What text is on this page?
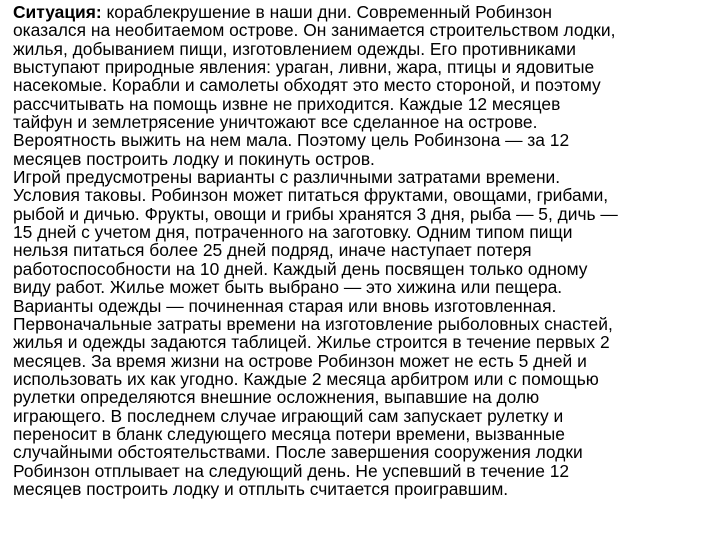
Ситуация: кораблекрушение в наши дни. Современный Робинзон
оказался на необитаемом острове. Он занимается строительством лодки,
жилья, добыванием пищи, изготовлением одежды. Его противниками
выступают природные явления: ураган, ливни, жара, птицы и ядовитые
насекомые. Корабли и самолеты обходят это место стороной, и поэтому
рассчитывать на помощь извне не приходится. Каждые 12 месяцев
тайфун и землетрясение уничтожают все сделанное на острове.
Вероятность выжить на нем мала. Поэтому цель Робинзона — за 12
месяцев построить лодку и покинуть остров.
Игрой предусмотрены варианты с различными затратами времени.
Условия таковы. Робинзон может питаться фруктами, овощами, грибами,
рыбой и дичью. Фрукты, овощи и грибы хранятся 3 дня, рыба — 5, дичь —
15 дней с учетом дня, потраченного на заготовку. Одним типом пищи
нельзя питаться более 25 дней подряд, иначе наступает потеря
работоспособности на 10 дней. Каждый день посвящен только одному
виду работ. Жилье может быть выбрано — это хижина или пещера.
Варианты одежды — починенная старая или вновь изготовленная.
Первоначальные затраты времени на изготовление рыболовных снастей,
жилья и одежды задаются таблицей. Жилье строится в течение первых 2
месяцев. За время жизни на острове Робинзон может не есть 5 дней и
использовать их как угодно. Каждые 2 месяца арбитром или с помощью
рулетки определяются внешние осложнения, выпавшие на долю
играющего. В последнем случае играющий сам запускает рулетку и
переносит в бланк следующего месяца потери времени, вызванные
случайными обстоятельствами. После завершения сооружения лодки
Робинзон отплывает на следующий день. Не успевший в течение 12
месяцев построить лодку и отплыть считается проигравшим.
